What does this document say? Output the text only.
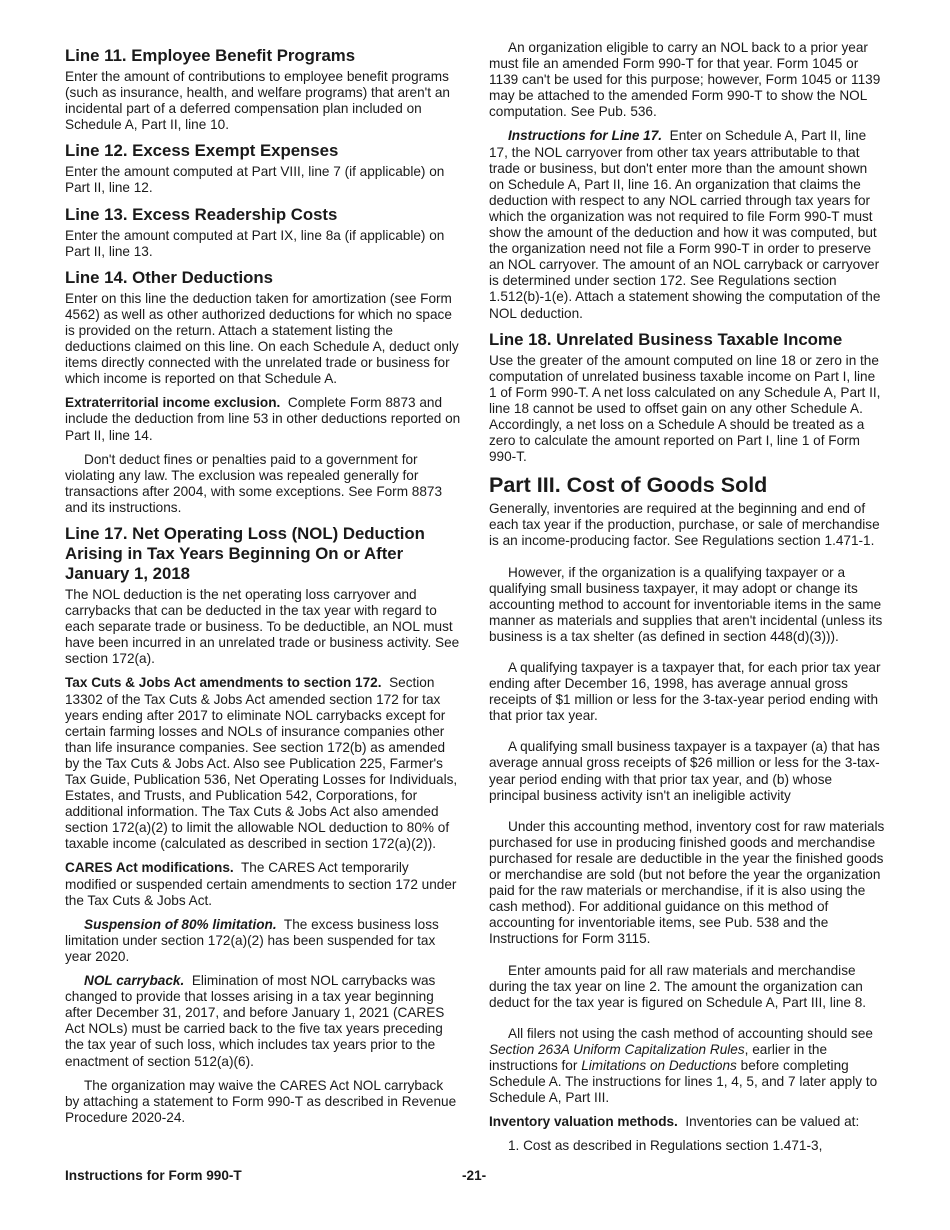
Line 11. Employee Benefit Programs

Enter the amount of contributions to employee benefit programs (such as insurance, health, and welfare programs) that aren't an incidental part of a deferred compensation plan included on Schedule A, Part II, line 10.

Line 12. Excess Exempt Expenses

Enter the amount computed at Part VIII, line 7 (if applicable) on Part II, line 12.

Line 13. Excess Readership Costs

Enter the amount computed at Part IX, line 8a (if applicable) on Part II, line 13.

Line 14. Other Deductions

Enter on this line the deduction taken for amortization (see Form 4562) as well as other authorized deductions for which no space is provided on the return. Attach a statement listing the deductions claimed on this line. On each Schedule A, deduct only items directly connected with the unrelated trade or business for which income is reported on that Schedule A.

Extraterritorial income exclusion. Complete Form 8873 and include the deduction from line 53 in other deductions reported on Part II, line 14.

Don't deduct fines or penalties paid to a government for violating any law. The exclusion was repealed generally for transactions after 2004, with some exceptions. See Form 8873 and its instructions.

Line 17. Net Operating Loss (NOL) Deduction Arising in Tax Years Beginning On or After January 1, 2018

The NOL deduction is the net operating loss carryover and carrybacks that can be deducted in the tax year with regard to each separate trade or business. To be deductible, an NOL must have been incurred in an unrelated trade or business activity. See section 172(a).

Tax Cuts & Jobs Act amendments to section 172. Section 13302 of the Tax Cuts & Jobs Act amended section 172 for tax years ending after 2017 to eliminate NOL carrybacks except for certain farming losses and NOLs of insurance companies other than life insurance companies. See section 172(b) as amended by the Tax Cuts & Jobs Act. Also see Publication 225, Farmer's Tax Guide, Publication 536, Net Operating Losses for Individuals, Estates, and Trusts, and Publication 542, Corporations, for additional information. The Tax Cuts & Jobs Act also amended section 172(a)(2) to limit the allowable NOL deduction to 80% of taxable income (calculated as described in section 172(a)(2)).

CARES Act modifications. The CARES Act temporarily modified or suspended certain amendments to section 172 under the Tax Cuts & Jobs Act.

Suspension of 80% limitation. The excess business loss limitation under section 172(a)(2) has been suspended for tax year 2020.

NOL carryback. Elimination of most NOL carrybacks was changed to provide that losses arising in a tax year beginning after December 31, 2017, and before January 1, 2021 (CARES Act NOLs) must be carried back to the five tax years preceding the tax year of such loss, which includes tax years prior to the enactment of section 512(a)(6).

The organization may waive the CARES Act NOL carryback by attaching a statement to Form 990-T as described in Revenue Procedure 2020-24.

An organization eligible to carry an NOL back to a prior year must file an amended Form 990-T for that year. Form 1045 or 1139 can't be used for this purpose; however, Form 1045 or 1139 may be attached to the amended Form 990-T to show the NOL computation. See Pub. 536.

Instructions for Line 17. Enter on Schedule A, Part II, line 17, the NOL carryover from other tax years attributable to that trade or business, but don't enter more than the amount shown on Schedule A, Part II, line 16. An organization that claims the deduction with respect to any NOL carried through tax years for which the organization was not required to file Form 990-T must show the amount of the deduction and how it was computed, but the organization need not file a Form 990-T in order to preserve an NOL carryover. The amount of an NOL carryback or carryover is determined under section 172. See Regulations section 1.512(b)-1(e). Attach a statement showing the computation of the NOL deduction.

Line 18. Unrelated Business Taxable Income

Use the greater of the amount computed on line 18 or zero in the computation of unrelated business taxable income on Part I, line 1 of Form 990-T. A net loss calculated on any Schedule A, Part II, line 18 cannot be used to offset gain on any other Schedule A. Accordingly, a net loss on a Schedule A should be treated as a zero to calculate the amount reported on Part I, line 1 of Form 990-T.

Part III. Cost of Goods Sold

Generally, inventories are required at the beginning and end of each tax year if the production, purchase, or sale of merchandise is an income-producing factor. See Regulations section 1.471-1.

However, if the organization is a qualifying taxpayer or a qualifying small business taxpayer, it may adopt or change its accounting method to account for inventoriable items in the same manner as materials and supplies that aren't incidental (unless its business is a tax shelter (as defined in section 448(d)(3))).

A qualifying taxpayer is a taxpayer that, for each prior tax year ending after December 16, 1998, has average annual gross receipts of $1 million or less for the 3-tax-year period ending with that prior tax year.

A qualifying small business taxpayer is a taxpayer (a) that has average annual gross receipts of $26 million or less for the 3-tax-year period ending with that prior tax year, and (b) whose principal business activity isn't an ineligible activity

Under this accounting method, inventory cost for raw materials purchased for use in producing finished goods and merchandise purchased for resale are deductible in the year the finished goods or merchandise are sold (but not before the year the organization paid for the raw materials or merchandise, if it is also using the cash method). For additional guidance on this method of accounting for inventoriable items, see Pub. 538 and the Instructions for Form 3115.

Enter amounts paid for all raw materials and merchandise during the tax year on line 2. The amount the organization can deduct for the tax year is figured on Schedule A, Part III, line 8.

All filers not using the cash method of accounting should see Section 263A Uniform Capitalization Rules, earlier in the instructions for Limitations on Deductions before completing Schedule A. The instructions for lines 1, 4, 5, and 7 later apply to Schedule A, Part III.

Inventory valuation methods. Inventories can be valued at:

1. Cost as described in Regulations section 1.471-3,
Instructions for Form 990-T	-21-
